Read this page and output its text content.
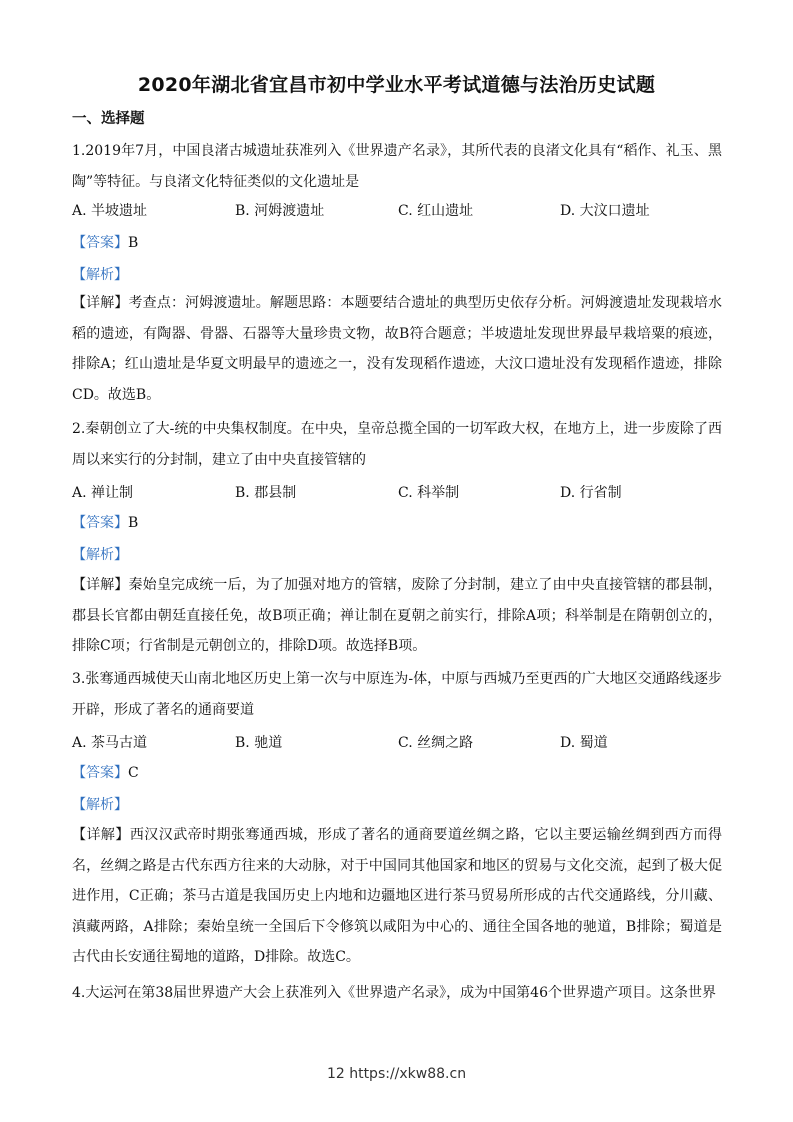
2020年湖北省宜昌市初中学业水平考试道德与法治历史试题
一、选择题
1.2019年7月，中国良渚古城遗址获准列入《世界遗产名录》，其所代表的良渚文化具有“稻作、礼玉、黑陶”等特征。与良渚文化特征类似的文化遗址是
A. 半坡遗址	B. 河姆渡遗址	C. 红山遗址	D. 大汶口遗址
【答案】B
【解析】
【详解】考查点：河姆渡遗址。解题思路：本题要结合遗址的典型历史依存分析。河姆渡遗址发现栽培水稻的遗迹，有陶器、骨器、石器等大量珍贵文物，故B符合题意；半坡遗址发现世界最早栽培粟的痕迹，排除A；红山遗址是华夏文明最早的遗迹之一，没有发现稻作遗迹，大汶口遗址没有发现稻作遗迹，排除CD。故选B。
2.秦朝创立了大-统的中央集权制度。在中央，皇帝总揽全国的一切军政大权，在地方上，进一步废除了西周以来实行的分封制，建立了由中央直接管辖的
A. 禅让制	B. 郡县制	C. 科举制	D. 行省制
【答案】B
【解析】
【详解】秦始皇完成统一后，为了加强对地方的管辖，废除了分封制，建立了由中央直接管辖的郡县制，郡县长官都由朝廷直接任免，故B项正确；禅让制在夏朝之前实行，排除A项；科举制是在隋朝创立的，排除C项；行省制是元朝创立的，排除D项。故选择B项。
3.张骞通西城使天山南北地区历史上第一次与中原连为-体，中原与西城乃至更西的广大地区交通路线逐步开辟，形成了著名的通商要道
A. 茶马古道	B. 驰道	C. 丝绸之路	D. 蜀道
【答案】C
【解析】
【详解】西汉汉武帝时期张骞通西城，形成了著名的通商要道丝绸之路，它以主要运输丝绸到西方而得名，丝绸之路是古代东西方往来的大动脉，对于中国同其他国家和地区的贸易与文化交流，起到了极大促进作用，C正确；茶马古道是我国历史上内地和边疆地区进行茶马贸易所形成的古代交通路线，分川藏、滇藏两路，A排除；秦始皇统一全国后下令修筑以咸阳为中心的、通往全国各地的驰道，B排除；蜀道是古代由长安通往蜀地的道路，D排除。故选C。
4.大运河在第38届世界遗产大会上获准列入《世界遗产名录》，成为中国第46个世界遗产项目。这条世界
12 https://xkw88.cn
